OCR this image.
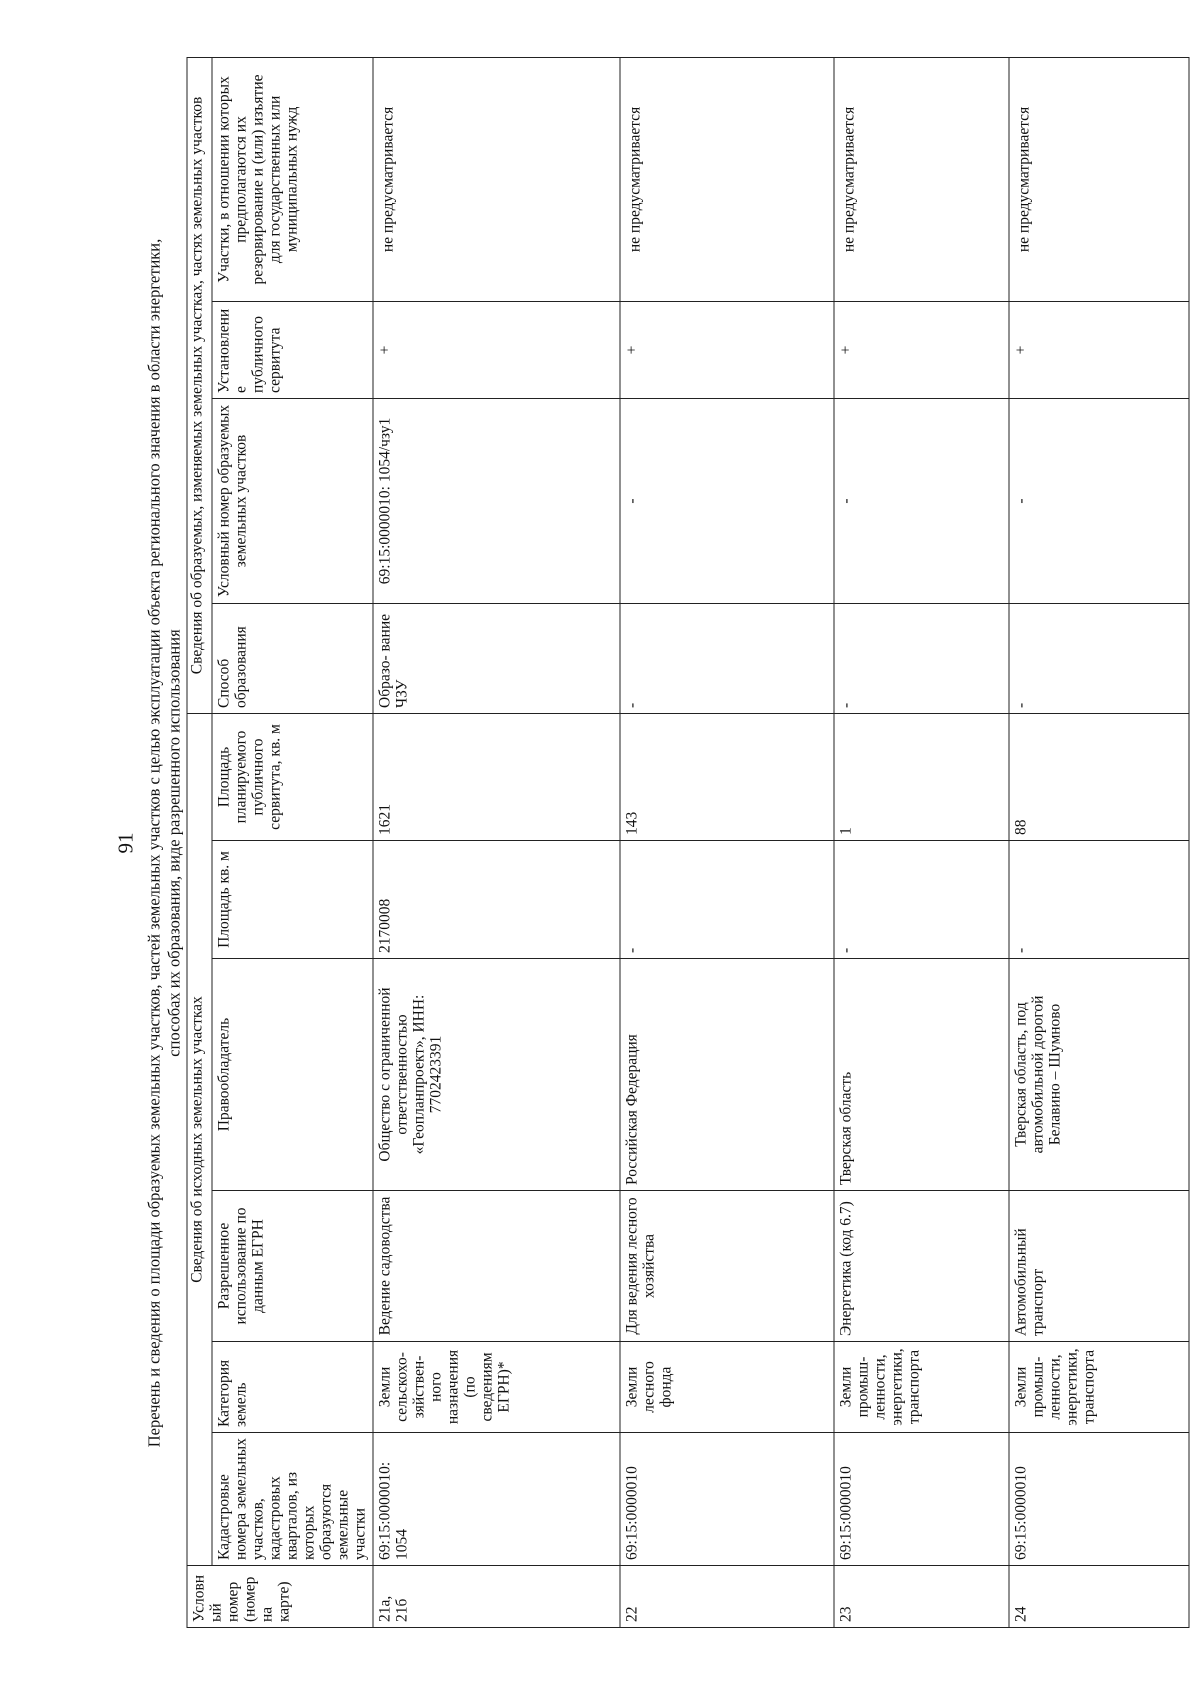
91 Перечень и сведения о площади образуемых земельных участков, частей земельных участков с целью эксплуатации объекта регионального значения в области энергетики, способах их образования, виде разрешенного использования
Условный номер (номер на карте)	Сведения об исходных земельных участках						Сведения об образуемых, изменяемых земельных участках, частях земельных участков			
	Кадастровые номера земельных участков, кадастровых кварталов, из которых образуются земельные участки	Категория земель	Разрешенное использование по данным ЕГРН	Правообладатель	Площадь кв. м	Площадь планируемого публичного сервитута, кв. м	Способ образования	Условный номер образуемых земельных участков	Установление публичного сервитута	Участки, в отношении которых предполагаются их резервирование и (или) изъятие для государственных или муниципальных нужд
21а, 21б	69:15:0000010: 1054	Земли сельскохо- зяйствен- ного назначения (по сведениям ЕГРН)*	Ведение садоводства	Общество с ограниченной ответственностью «Геопланпроект», ИНН: 7702423391	2170008	1621	Образо- вание ЧЗУ	69:15:0000010: 1054/чзу1	+	не предусматривается
22	69:15:0000010	Земли лесного фонда	Для ведения лесного хозяйства	Российская Федерация	-	143	-	-	+	не предусматривается
23	69:15:0000010	Земли промыш- ленности, энергетики, транспорта	Энергетика (код 6.7)	Тверская область	-	1	-	-	+	не предусматривается
24	69:15:0000010	Земли промыш- ленности, энергетики, транспорта	Автомобильный транспорт	Тверская область, под автомобильной дорогой Белавино – Шумново	-	88	-	-	+	не предусматривается
